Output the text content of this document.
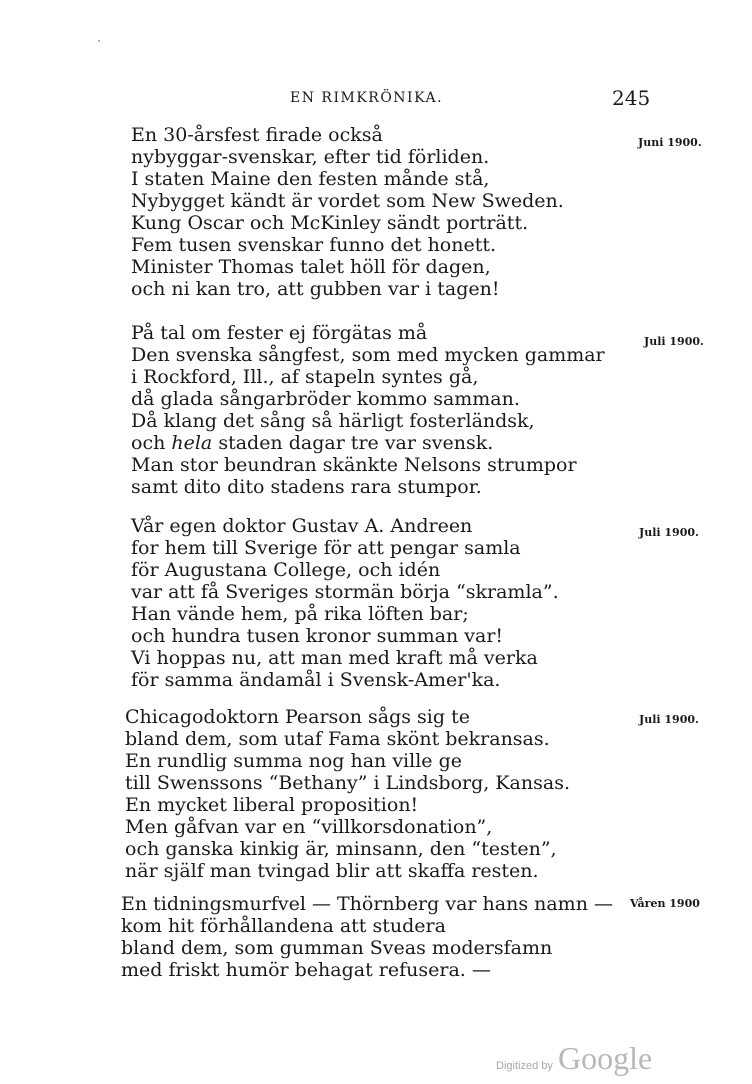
EN RIMKRÖNIKA.	245
Juni 1900.
En 30-årsfest firade också
nybyggar-svenskar, efter tid förliden.
I staten Maine den festen månde stå,
Nybygget kändt är vordet som New Sweden.
Kung Oscar och McKinley sändt porträtt.
Fem tusen svenskar funno det honett.
Minister Thomas talet höll för dagen,
och ni kan tro, att gubben var i tagen!
Juli 1900.
På tal om fester ej förgätas må
Den svenska sångfest, som med mycken gammar
i Rockford, Ill., af stapeln syntes gå,
då glada sångarbröder kommo samman.
Då klang det sång så härligt fosterländsk,
och hela staden dagar tre var svensk.
Man stor beundran skänkte Nelsons strumpor
samt dito dito stadens rara stumpor.
Juli 1900.
Vår egen doktor Gustav A. Andreen
for hem till Sverige för att pengar samla
för Augustana College, och idén
var att få Sveriges stormän börja “skramla”.
Han vände hem, på rika löften bar;
och hundra tusen kronor summan var!
Vi hoppas nu, att man med kraft må verka
för samma ändamål i Svensk-Amer'ka.
Juli 1900.
Chicagodoktorn Pearson sågs sig te
bland dem, som utaf Fama skönt bekransas.
En rundlig summa nog han ville ge
till Swenssons “Bethany” i Lindsborg, Kansas.
En mycket liberal proposition!
Men gåfvan var en “villkorsdonation”,
och ganska kinkig är, minsann, den “testen”,
när själf man tvingad blir att skaffa resten.
Våren 1900
En tidningsmurfvel — Thörnberg var hans namn —
kom hit förhållandena att studera
bland dem, som gumman Sveas modersfamn
med friskt humör behagat refusera. —
Digitized by Google
